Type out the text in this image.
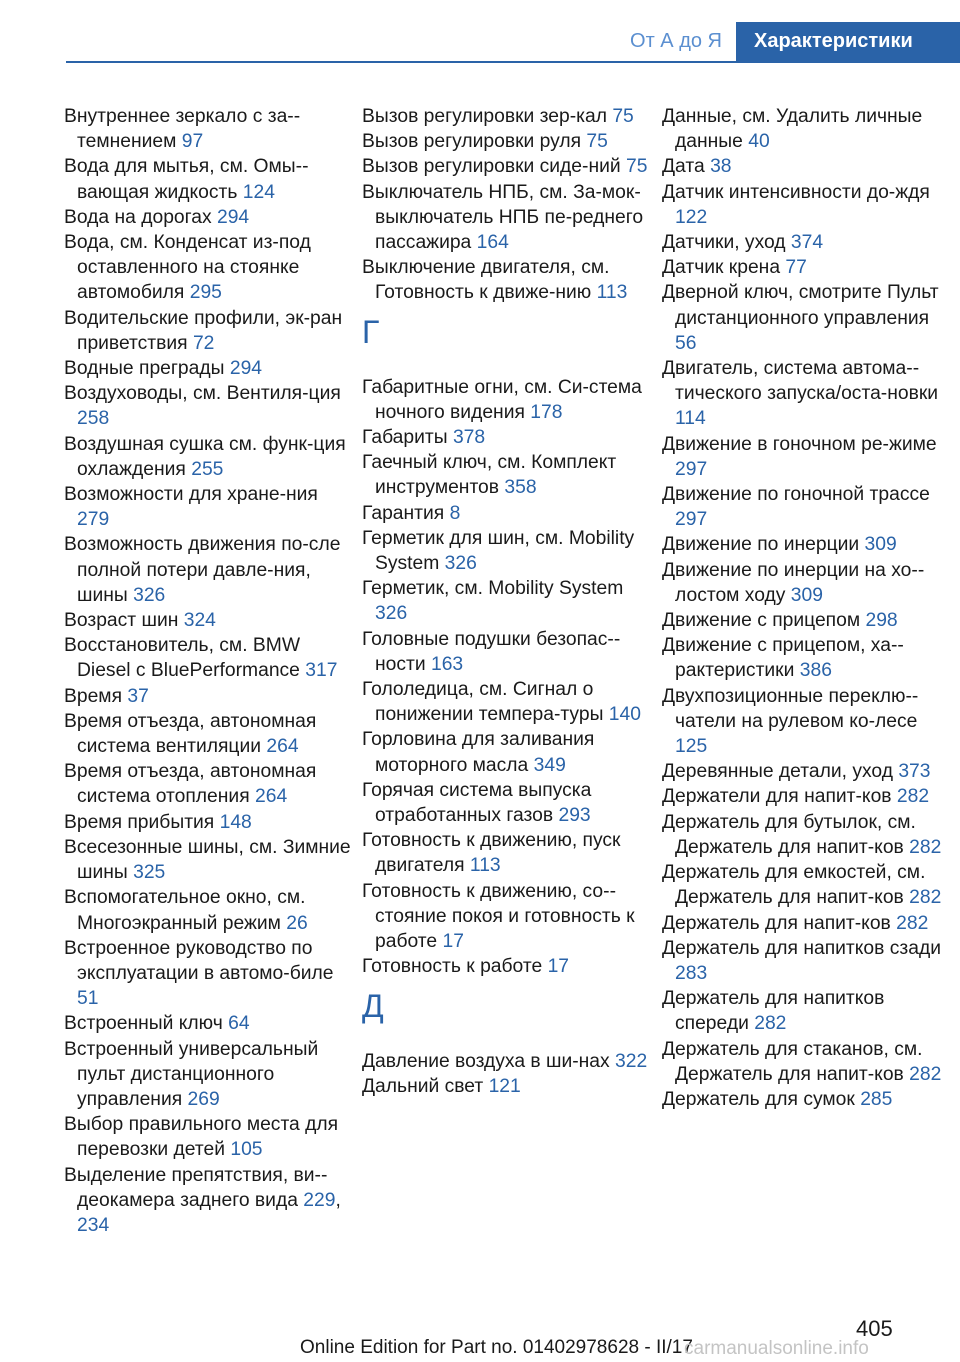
От А до Я	Характеристики
Внутреннее зеркало с за-темнением 97
Вода для мытья, см. Омы-вающая жидкость 124
Вода на дорогах 294
Вода, см. Конденсат из-под оставленного на стоянке автомобиля 295
Водительские профили, эк-ран приветствия 72
Водные преграды 294
Воздуховоды, см. Вентиля-ция 258
Воздушная сушка см. функ-ция охлаждения 255
Возможности для хране-ния 279
Возможность движения по-сле полной потери давле-ния, шины 326
Возраст шин 324
Восстановитель, см. BMW Diesel с BluePerformance 317
Время 37
Время отъезда, автономная система вентиляции 264
Время отъезда, автономная система отопления 264
Время прибытия 148
Всесезонные шины, см. Зимние шины 325
Вспомогательное окно, см. Многоэкранный режим 26
Встроенное руководство по эксплуатации в автомо-биле 51
Встроенный ключ 64
Встроенный универсальный пульт дистанционного управления 269
Выбор правильного места для перевозки детей 105
Выделение препятствия, ви-деокамера заднего вида 229, 234
Вызов регулировки зер-кал 75
Вызов регулировки руля 75
Вызов регулировки сиде-ний 75
Выключатель НПБ, см. За-мок-выключатель НПБ пе-реднего пассажира 164
Выключение двигателя, см. Готовность к движе-нию 113
Г
Габаритные огни, см. Си-стема ночного видения 178
Габариты 378
Гаечный ключ, см. Комплект инструментов 358
Гарантия 8
Герметик для шин, см. Mobility System 326
Герметик, см. Mobility System 326
Головные подушки безопас-ности 163
Гололедица, см. Сигнал о понижении темпера-туры 140
Горловина для заливания моторного масла 349
Горячая система выпуска отработанных газов 293
Готовность к движению, пуск двигателя 113
Готовность к движению, со-стояние покоя и готовность к работе 17
Готовность к работе 17
Д
Давление воздуха в ши-нах 322
Дальний свет 121
Данные, см. Удалить личные данные 40
Дата 38
Датчик интенсивности до-ждя 122
Датчики, уход 374
Датчик крена 77
Дверной ключ, смотрите Пульт дистанционного управления 56
Двигатель, система автома-тического запуска/оста-новки 114
Движение в гоночном ре-жиме 297
Движение по гоночной трассе 297
Движение по инерции 309
Движение по инерции на хо-лостом ходу 309
Движение с прицепом 298
Движение с прицепом, ха-рактеристики 386
Двухпозиционные переклю-чатели на рулевом ко-лесе 125
Деревянные детали, уход 373
Держатели для напит-ков 282
Держатель для бутылок, см. Держатель для напит-ков 282
Держатель для емкостей, см. Держатель для напит-ков 282
Держатель для напит-ков 282
Держатель для напитков сзади 283
Держатель для напитков спереди 282
Держатель для стаканов, см. Держатель для напит-ков 282
Держатель для сумок 285
405
Online Edition for Part no. 01402978628 - II/17
carmanualsonline.info
